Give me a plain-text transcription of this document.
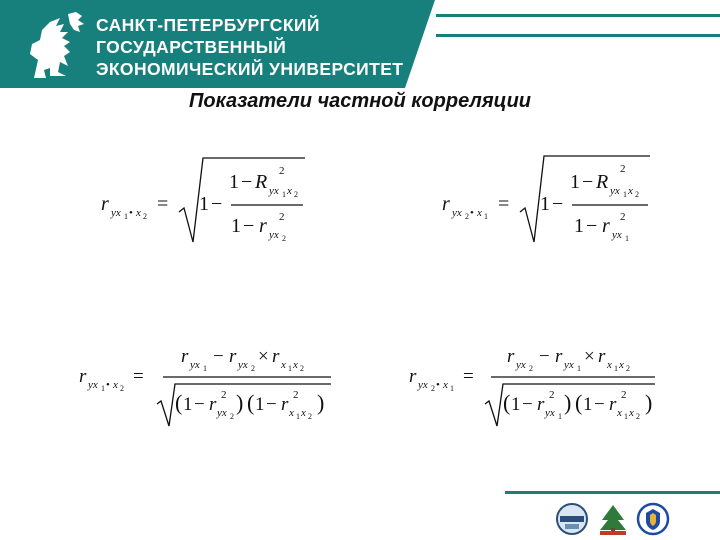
САНКТ-ПЕТЕРБУРГСКИЙ
ГОСУДАРСТВЕННЫЙ
ЭКОНОМИЧЕСКИЙ УНИВЕРСИТЕТ
Показатели частной корреляции
r yx 1 • x 2
= 1 −
1 − R 2
yx 1 x 2
1 − r 2
yx 2
r yx 2 • x 1
= 1 −
1 − R
2
yx 1 x 2
1 − r 2
yx 1
r yx 1 • x 2
=
r yx 1
− r yx 2
× r x 1 x 2
( 1 − r 2
yx 2
) ( 1 − r 2
x 1 x 2
)
r yx 2 • x 1
=
r yx 2
− r yx 1
× r x 1 x 2
( 1 − r 2
yx 1
) ( 1 − r 2
x 1 x 2
)
